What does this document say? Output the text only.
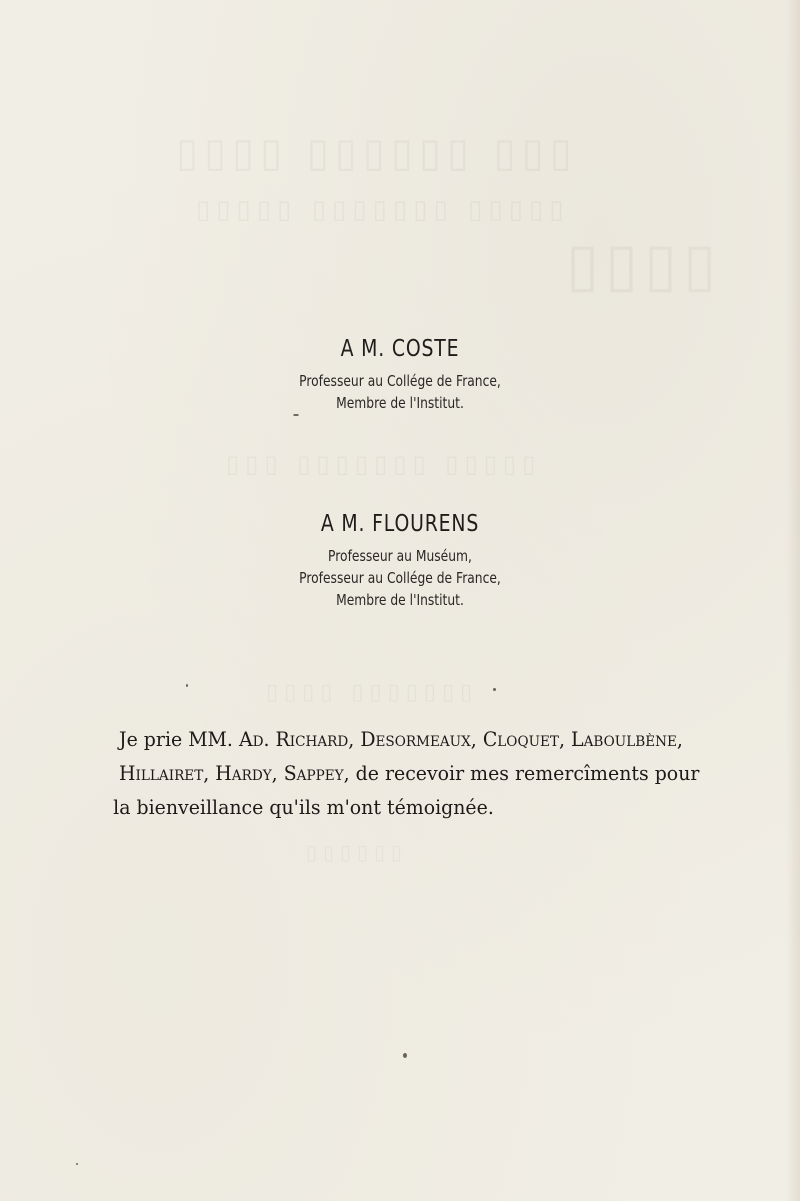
▯▯▯ ▯▯▯▯▯▯ ▯▯▯▯
▯▯▯▯▯ ▯▯▯▯▯▯▯ ▯▯▯▯▯
▯▯▯▯
▯▯▯▯▯ ▯▯▯▯▯▯▯ ▯▯▯
▯▯▯▯▯▯▯ ▯▯▯▯
▯▯▯▯▯▯
A M. COSTE
Professeur au Collége de France,
Membre de l'Institut.
A M. FLOURENS
Professeur au Muséum,
Professeur au Collége de France,
Membre de l'Institut.
Je prie MM. Ad. Richard, Desormeaux, Cloquet, Laboulbène,
Hillairet, Hardy, Sappey, de recevoir mes remercîments pour
la bienveillance qu'ils m'ont témoignée.
